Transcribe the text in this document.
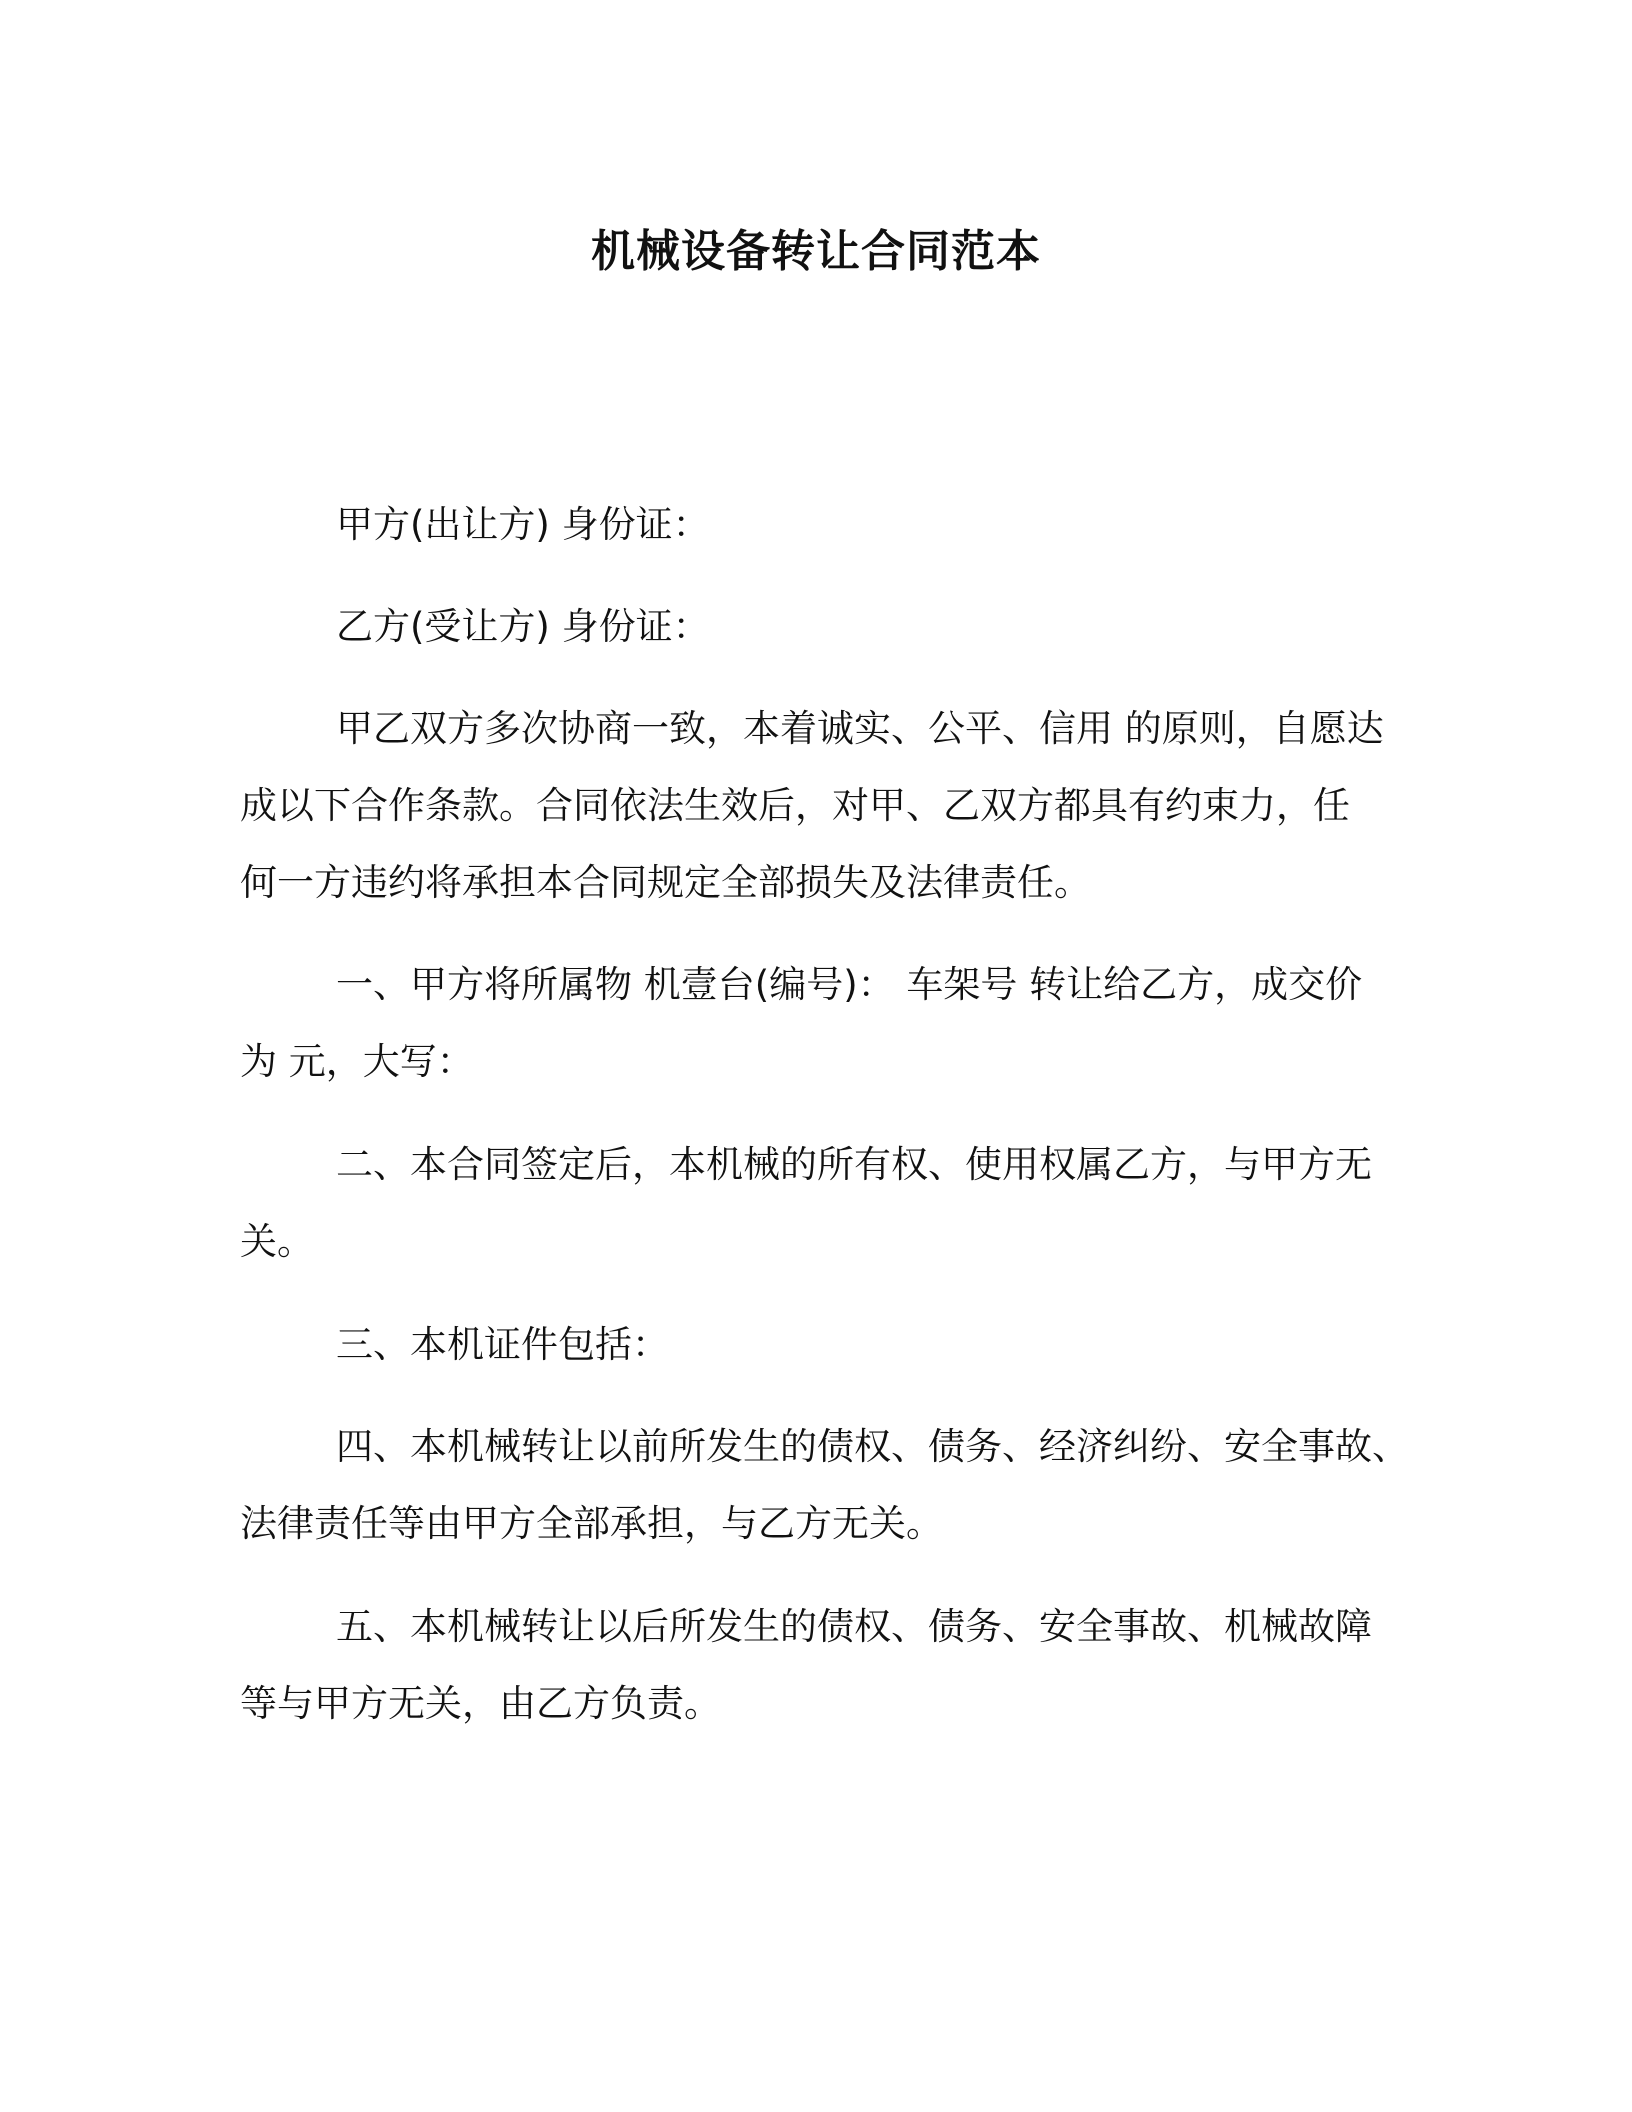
机械设备转让合同范本
甲方(出让方) 身份证：
乙方(受让方) 身份证：
甲乙双方多次协商一致，本着诚实、公平、信用 的原则，自愿达
成以下合作条款。合同依法生效后，对甲、乙双方都具有约束力，任
何一方违约将承担本合同规定全部损失及法律责任。
一、甲方将所属物 机壹台(编号)： 车架号 转让给乙方，成交价
为 元，大写：
二、本合同签定后，本机械的所有权、使用权属乙方，与甲方无
关。
三、本机证件包括：
四、本机械转让以前所发生的债权、债务、经济纠纷、安全事故、
法律责任等由甲方全部承担，与乙方无关。
五、本机械转让以后所发生的债权、债务、安全事故、机械故障
等与甲方无关，由乙方负责。
